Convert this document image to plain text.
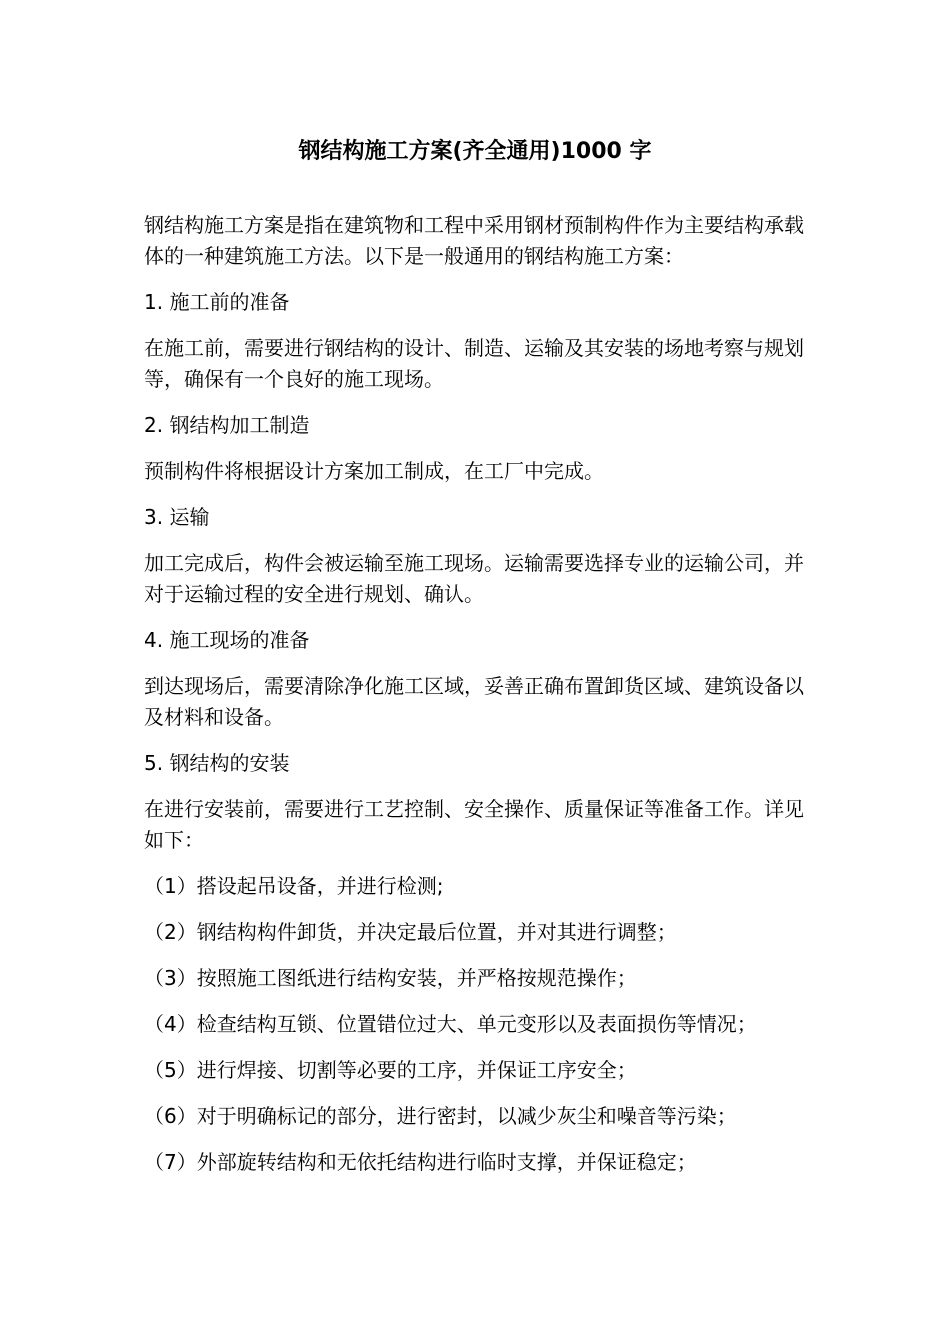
钢结构施工方案(齐全通用)1000 字

钢结构施工方案是指在建筑物和工程中采用钢材预制构件作为主要结构承载体的一种建筑施工方法。以下是一般通用的钢结构施工方案：

1. 施工前的准备

在施工前，需要进行钢结构的设计、制造、运输及其安装的场地考察与规划等，确保有一个良好的施工现场。

2. 钢结构加工制造

预制构件将根据设计方案加工制成，在工厂中完成。

3. 运输

加工完成后，构件会被运输至施工现场。运输需要选择专业的运输公司，并对于运输过程的安全进行规划、确认。

4. 施工现场的准备

到达现场后，需要清除净化施工区域，妥善正确布置卸货区域、建筑设备以及材料和设备。

5. 钢结构的安装

在进行安装前，需要进行工艺控制、安全操作、质量保证等准备工作。详见如下：

（1）搭设起吊设备，并进行检测;

（2）钢结构构件卸货，并决定最后位置，并对其进行调整；

（3）按照施工图纸进行结构安装，并严格按规范操作；

（4）检查结构互锁、位置错位过大、单元变形以及表面损伤等情况；

（5）进行焊接、切割等必要的工序，并保证工序安全；

（6）对于明确标记的部分，进行密封，以减少灰尘和噪音等污染；

（7）外部旋转结构和无依托结构进行临时支撑，并保证稳定；
